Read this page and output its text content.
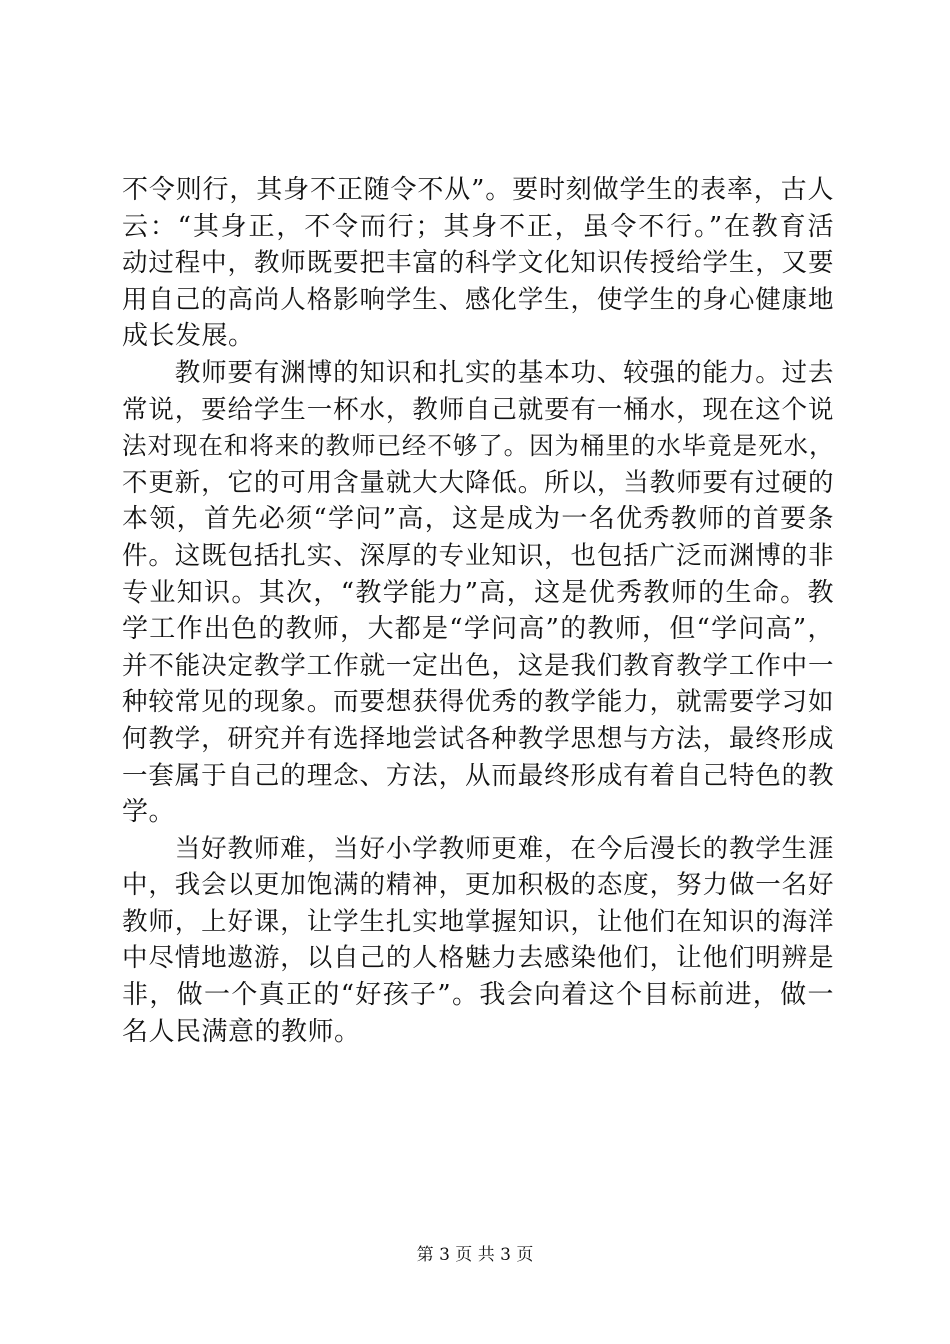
不令则行，其身不正随令不从”。要时刻做学生的表率，古人
云：“其身正，不令而行；其身不正，虽令不行。”在教育活
动过程中，教师既要把丰富的科学文化知识传授给学生，又要
用自己的高尚人格影响学生、感化学生，使学生的身心健康地
成长发展。
　　教师要有渊博的知识和扎实的基本功、较强的能力。过去
常说，要给学生一杯水，教师自己就要有一桶水，现在这个说
法对现在和将来的教师已经不够了。因为桶里的水毕竟是死水，
不更新，它的可用含量就大大降低。所以，当教师要有过硬的
本领，首先必须“学问”高，这是成为一名优秀教师的首要条
件。这既包括扎实、深厚的专业知识，也包括广泛而渊博的非
专业知识。其次，“教学能力”高，这是优秀教师的生命。教
学工作出色的教师，大都是“学问高”的教师，但“学问高”，
并不能决定教学工作就一定出色，这是我们教育教学工作中一
种较常见的现象。而要想获得优秀的教学能力，就需要学习如
何教学，研究并有选择地尝试各种教学思想与方法，最终形成
一套属于自己的理念、方法，从而最终形成有着自己特色的教
学。
　　当好教师难，当好小学教师更难，在今后漫长的教学生涯
中，我会以更加饱满的精神，更加积极的态度，努力做一名好
教师，上好课，让学生扎实地掌握知识，让他们在知识的海洋
中尽情地遨游，以自己的人格魅力去感染他们，让他们明辨是
非，做一个真正的“好孩子”。我会向着这个目标前进，做一
名人民满意的教师。
第 3 页 共 3 页
